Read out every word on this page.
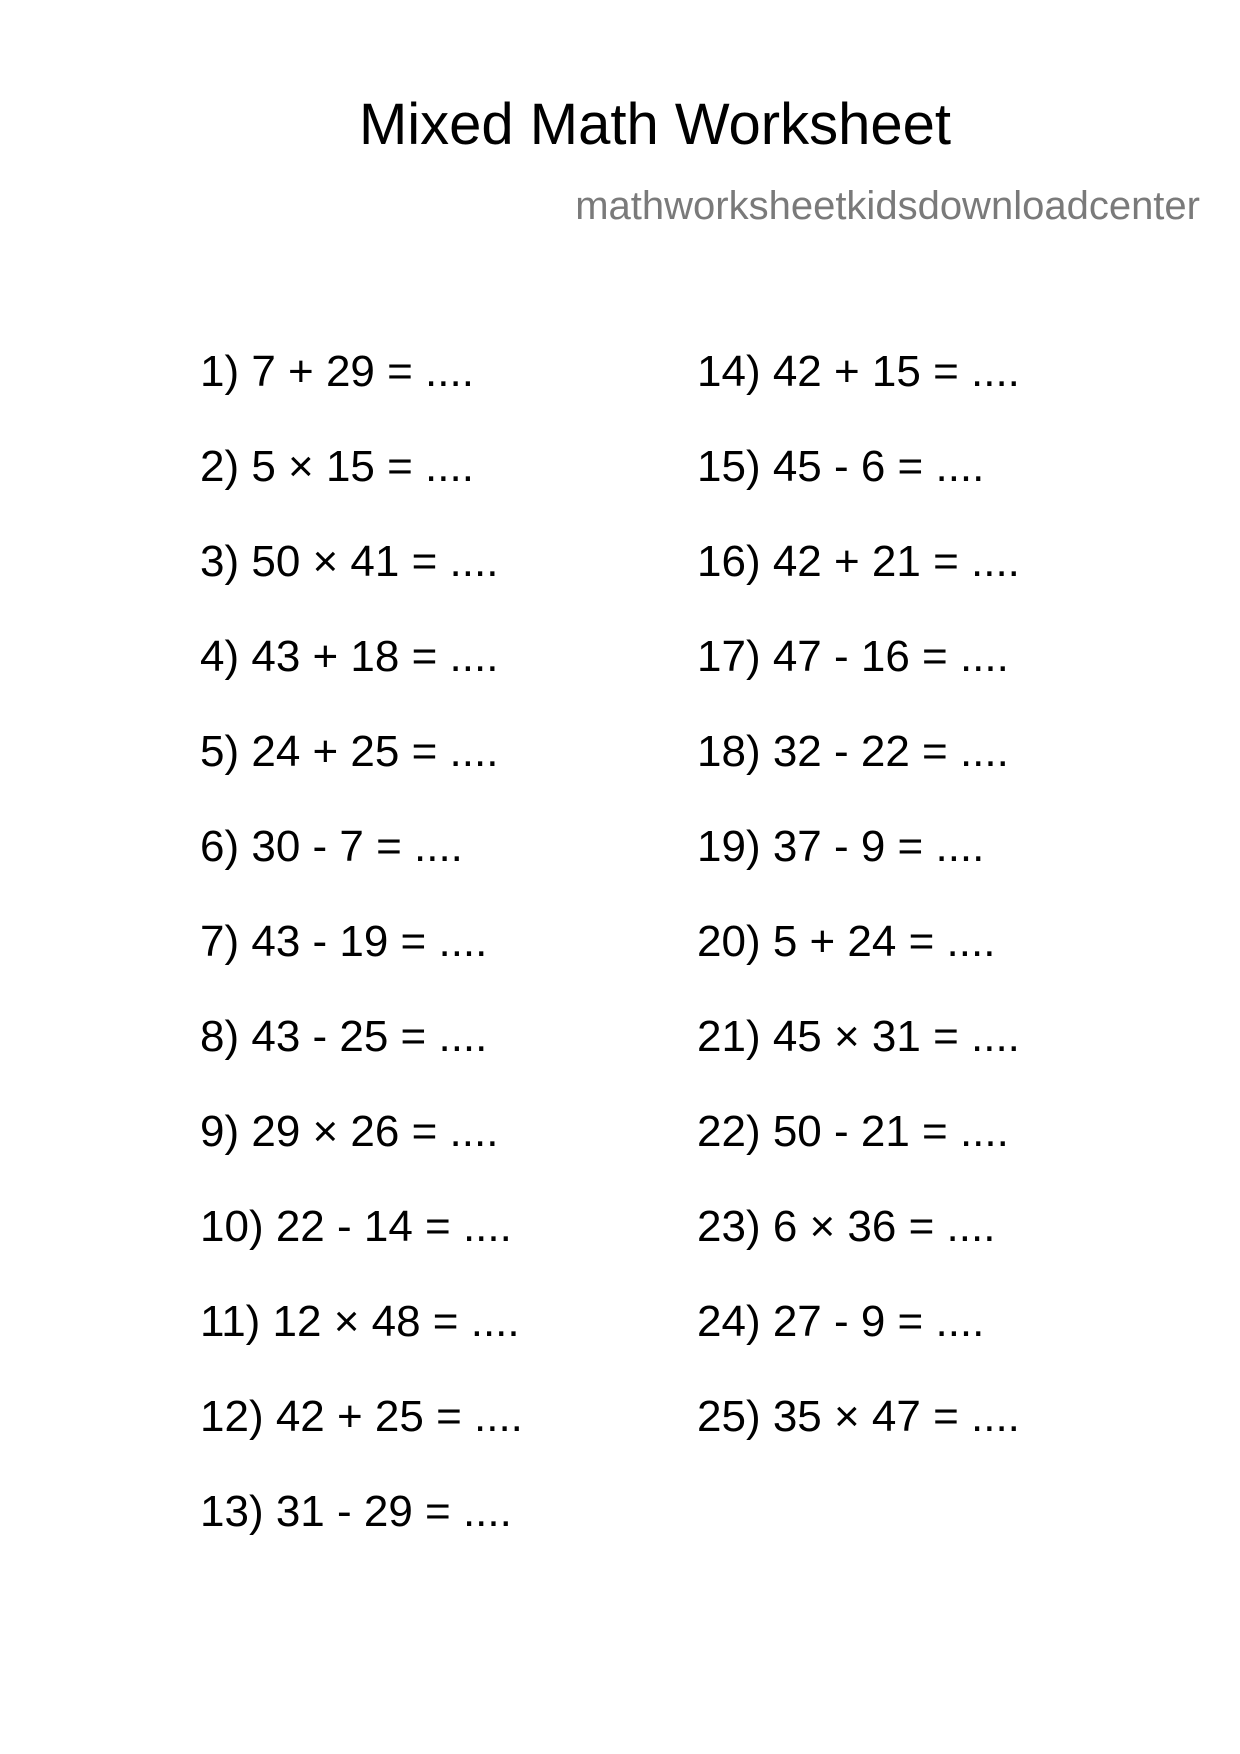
Mixed Math Worksheet
mathworksheetkidsdownloadcenter
1) 7 + 29 = ....
2) 5 × 15 = ....
3) 50 × 41 = ....
4) 43 + 18 = ....
5) 24 + 25 = ....
6) 30 - 7 = ....
7) 43 - 19 = ....
8) 43 - 25 = ....
9) 29 × 26 = ....
10) 22 - 14 = ....
11) 12 × 48 = ....
12) 42 + 25 = ....
13) 31 - 29 = ....
14) 42 + 15 = ....
15) 45 - 6 = ....
16) 42 + 21 = ....
17) 47 - 16 = ....
18) 32 - 22 = ....
19) 37 - 9 = ....
20) 5 + 24 = ....
21) 45 × 31 = ....
22) 50 - 21 = ....
23) 6 × 36 = ....
24) 27 - 9 = ....
25) 35 × 47 = ....
